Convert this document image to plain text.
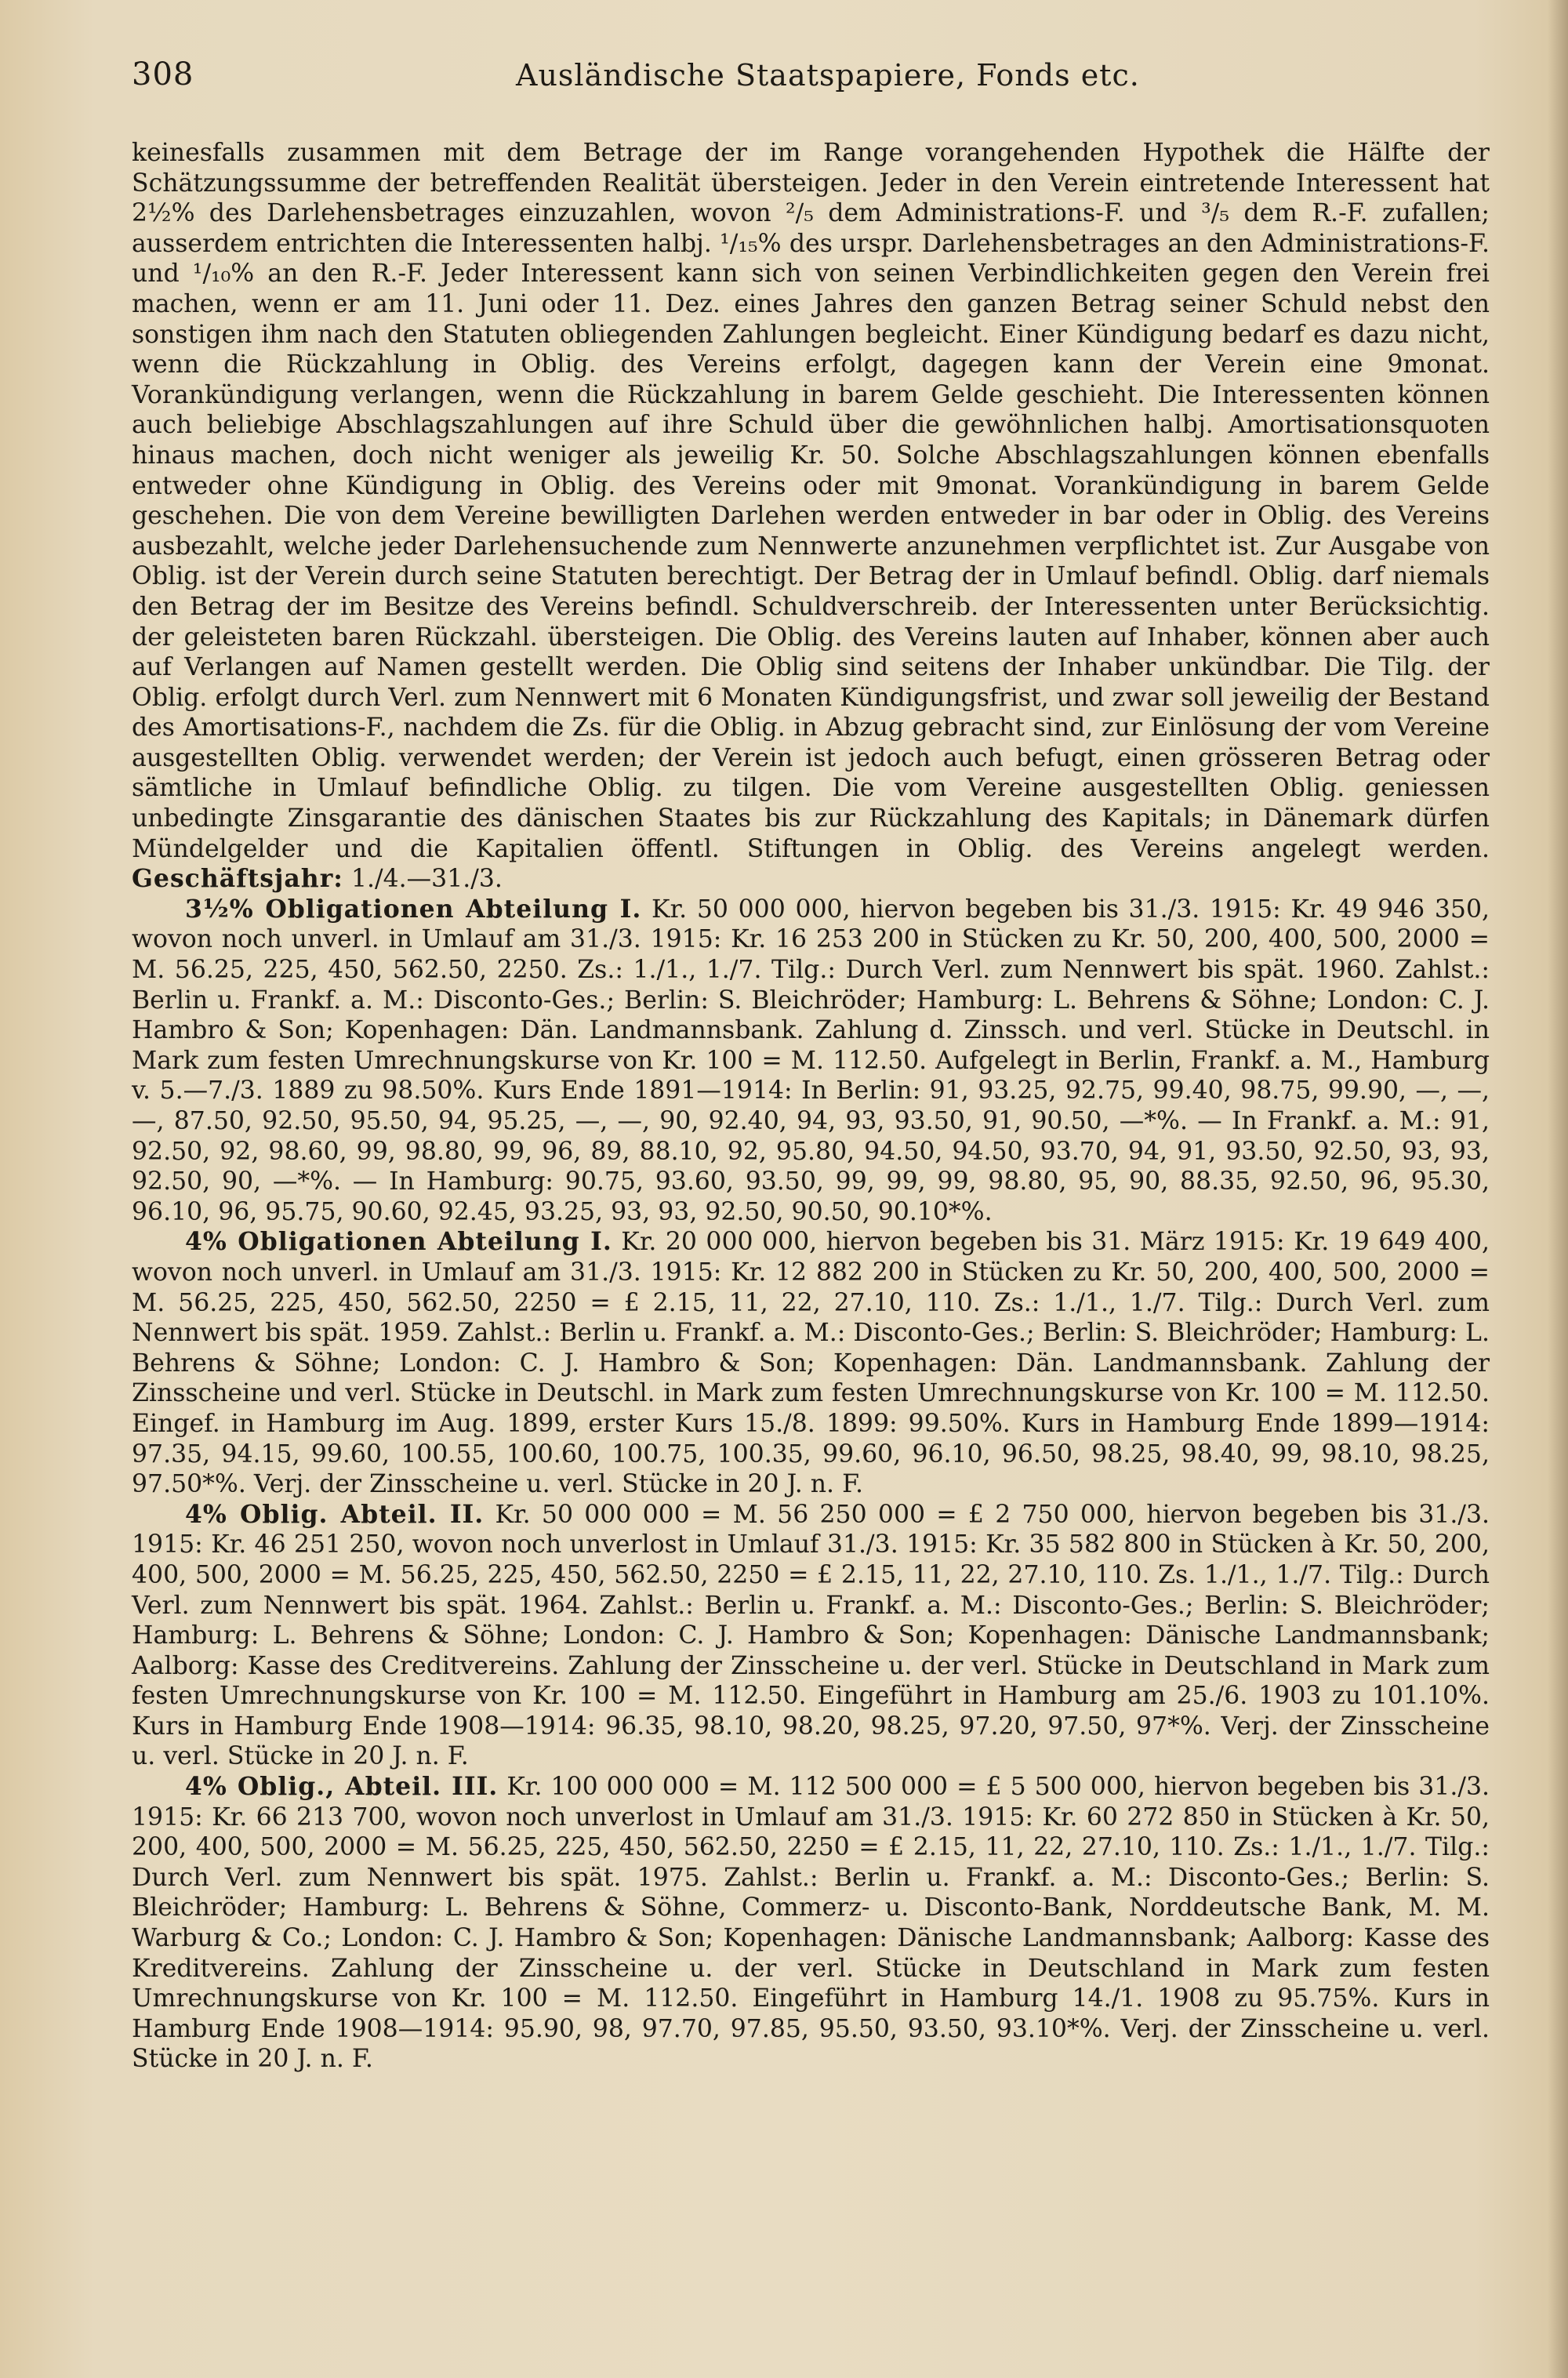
308	Ausländische Staatspapiere, Fonds etc.

keinesfalls zusammen mit dem Betrage der im Range vorangehenden Hypothek die Hälfte der Schätzungssumme der betreffenden Realität übersteigen. Jeder in den Verein eintretende Interessent hat 2½% des Darlehensbetrages einzuzahlen, wovon ²/₅ dem Administrations-F. und ³/₅ dem R.-F. zufallen; ausserdem entrichten die Interessenten halbj. ¹/₁₅% des urspr. Darlehensbetrages an den Administrations-F. und ¹/₁₀% an den R.-F. Jeder Interessent kann sich von seinen Verbindlichkeiten gegen den Verein frei machen, wenn er am 11. Juni oder 11. Dez. eines Jahres den ganzen Betrag seiner Schuld nebst den sonstigen ihm nach den Statuten obliegenden Zahlungen begleicht. Einer Kündigung bedarf es dazu nicht, wenn die Rückzahlung in Oblig. des Vereins erfolgt, dagegen kann der Verein eine 9monat. Vorankündigung verlangen, wenn die Rückzahlung in barem Gelde geschieht. Die Interessenten können auch beliebige Abschlagszahlungen auf ihre Schuld über die gewöhnlichen halbj. Amortisationsquoten hinaus machen, doch nicht weniger als jeweilig Kr. 50. Solche Abschlagszahlungen können ebenfalls entweder ohne Kündigung in Oblig. des Vereins oder mit 9monat. Vorankündigung in barem Gelde geschehen. Die von dem Vereine bewilligten Darlehen werden entweder in bar oder in Oblig. des Vereins ausbezahlt, welche jeder Darlehensuchende zum Nennwerte anzunehmen verpflichtet ist. Zur Ausgabe von Oblig. ist der Verein durch seine Statuten berechtigt. Der Betrag der in Umlauf befindl. Oblig. darf niemals den Betrag der im Besitze des Vereins befindl. Schuldverschreib. der Interessenten unter Berücksichtig. der geleisteten baren Rückzahl. übersteigen. Die Oblig. des Vereins lauten auf Inhaber, können aber auch auf Verlangen auf Namen gestellt werden. Die Oblig sind seitens der Inhaber unkündbar. Die Tilg. der Oblig. erfolgt durch Verl. zum Nennwert mit 6 Monaten Kündigungsfrist, und zwar soll jeweilig der Bestand des Amortisations-F., nachdem die Zs. für die Oblig. in Abzug gebracht sind, zur Einlösung der vom Vereine ausgestellten Oblig. verwendet werden; der Verein ist jedoch auch befugt, einen grösseren Betrag oder sämtliche in Umlauf befindliche Oblig. zu tilgen. Die vom Vereine ausgestellten Oblig. geniessen unbedingte Zinsgarantie des dänischen Staates bis zur Rückzahlung des Kapitals; in Dänemark dürfen Mündelgelder und die Kapitalien öffentl. Stiftungen in Oblig. des Vereins angelegt werden. Geschäftsjahr: 1./4.—31./3.

3½% Obligationen Abteilung I. Kr. 50 000 000, hiervon begeben bis 31./3. 1915: Kr. 49 946 350, wovon noch unverl. in Umlauf am 31./3. 1915: Kr. 16 253 200 in Stücken zu Kr. 50, 200, 400, 500, 2000 = M. 56.25, 225, 450, 562.50, 2250. Zs.: 1./1., 1./7. Tilg.: Durch Verl. zum Nennwert bis spät. 1960. Zahlst.: Berlin u. Frankf. a. M.: Disconto-Ges.; Berlin: S. Bleichröder; Hamburg: L. Behrens & Söhne; London: C. J. Hambro & Son; Kopenhagen: Dän. Landmannsbank. Zahlung d. Zinssch. und verl. Stücke in Deutschl. in Mark zum festen Umrechnungskurse von Kr. 100 = M. 112.50. Aufgelegt in Berlin, Frankf. a. M., Hamburg v. 5.—7./3. 1889 zu 98.50%. Kurs Ende 1891—1914: In Berlin: 91, 93.25, 92.75, 99.40, 98.75, 99.90, —, —, —, 87.50, 92.50, 95.50, 94, 95.25, —, —, 90, 92.40, 94, 93, 93.50, 91, 90.50, —*%. — In Frankf. a. M.: 91, 92.50, 92, 98.60, 99, 98.80, 99, 96, 89, 88.10, 92, 95.80, 94.50, 94.50, 93.70, 94, 91, 93.50, 92.50, 93, 93, 92.50, 90, —*%. — In Hamburg: 90.75, 93.60, 93.50, 99, 99, 99, 98.80, 95, 90, 88.35, 92.50, 96, 95.30, 96.10, 96, 95.75, 90.60, 92.45, 93.25, 93, 93, 92.50, 90.50, 90.10*%.

4% Obligationen Abteilung I. Kr. 20 000 000, hiervon begeben bis 31. März 1915: Kr. 19 649 400, wovon noch unverl. in Umlauf am 31./3. 1915: Kr. 12 882 200 in Stücken zu Kr. 50, 200, 400, 500, 2000 = M. 56.25, 225, 450, 562.50, 2250 = £ 2.15, 11, 22, 27.10, 110. Zs.: 1./1., 1./7. Tilg.: Durch Verl. zum Nennwert bis spät. 1959. Zahlst.: Berlin u. Frankf. a. M.: Disconto-Ges.; Berlin: S. Bleichröder; Hamburg: L. Behrens & Söhne; London: C. J. Hambro & Son; Kopenhagen: Dän. Landmannsbank. Zahlung der Zinsscheine und verl. Stücke in Deutschl. in Mark zum festen Umrechnungskurse von Kr. 100 = M. 112.50. Eingef. in Hamburg im Aug. 1899, erster Kurs 15./8. 1899: 99.50%. Kurs in Hamburg Ende 1899—1914: 97.35, 94.15, 99.60, 100.55, 100.60, 100.75, 100.35, 99.60, 96.10, 96.50, 98.25, 98.40, 99, 98.10, 98.25, 97.50*%. Verj. der Zinsscheine u. verl. Stücke in 20 J. n. F.

4% Oblig. Abteil. II. Kr. 50 000 000 = M. 56 250 000 = £ 2 750 000, hiervon begeben bis 31./3. 1915: Kr. 46 251 250, wovon noch unverlost in Umlauf 31./3. 1915: Kr. 35 582 800 in Stücken à Kr. 50, 200, 400, 500, 2000 = M. 56.25, 225, 450, 562.50, 2250 = £ 2.15, 11, 22, 27.10, 110. Zs. 1./1., 1./7. Tilg.: Durch Verl. zum Nennwert bis spät. 1964. Zahlst.: Berlin u. Frankf. a. M.: Disconto-Ges.; Berlin: S. Bleichröder; Hamburg: L. Behrens & Söhne; London: C. J. Hambro & Son; Kopenhagen: Dänische Landmannsbank; Aalborg: Kasse des Creditvereins. Zahlung der Zinsscheine u. der verl. Stücke in Deutschland in Mark zum festen Umrechnungskurse von Kr. 100 = M. 112.50. Eingeführt in Hamburg am 25./6. 1903 zu 101.10%. Kurs in Hamburg Ende 1908—1914: 96.35, 98.10, 98.20, 98.25, 97.20, 97.50, 97*%. Verj. der Zinsscheine u. verl. Stücke in 20 J. n. F.

4% Oblig., Abteil. III. Kr. 100 000 000 = M. 112 500 000 = £ 5 500 000, hiervon begeben bis 31./3. 1915: Kr. 66 213 700, wovon noch unverlost in Umlauf am 31./3. 1915: Kr. 60 272 850 in Stücken à Kr. 50, 200, 400, 500, 2000 = M. 56.25, 225, 450, 562.50, 2250 = £ 2.15, 11, 22, 27.10, 110. Zs.: 1./1., 1./7. Tilg.: Durch Verl. zum Nennwert bis spät. 1975. Zahlst.: Berlin u. Frankf. a. M.: Disconto-Ges.; Berlin: S. Bleichröder; Hamburg: L. Behrens & Söhne, Commerz- u. Disconto-Bank, Norddeutsche Bank, M. M. Warburg & Co.; London: C. J. Hambro & Son; Kopenhagen: Dänische Landmannsbank; Aalborg: Kasse des Kreditvereins. Zahlung der Zinsscheine u. der verl. Stücke in Deutschland in Mark zum festen Umrechnungskurse von Kr. 100 = M. 112.50. Eingeführt in Hamburg 14./1. 1908 zu 95.75%. Kurs in Hamburg Ende 1908—1914: 95.90, 98, 97.70, 97.85, 95.50, 93.50, 93.10*%. Verj. der Zinsscheine u. verl. Stücke in 20 J. n. F.
